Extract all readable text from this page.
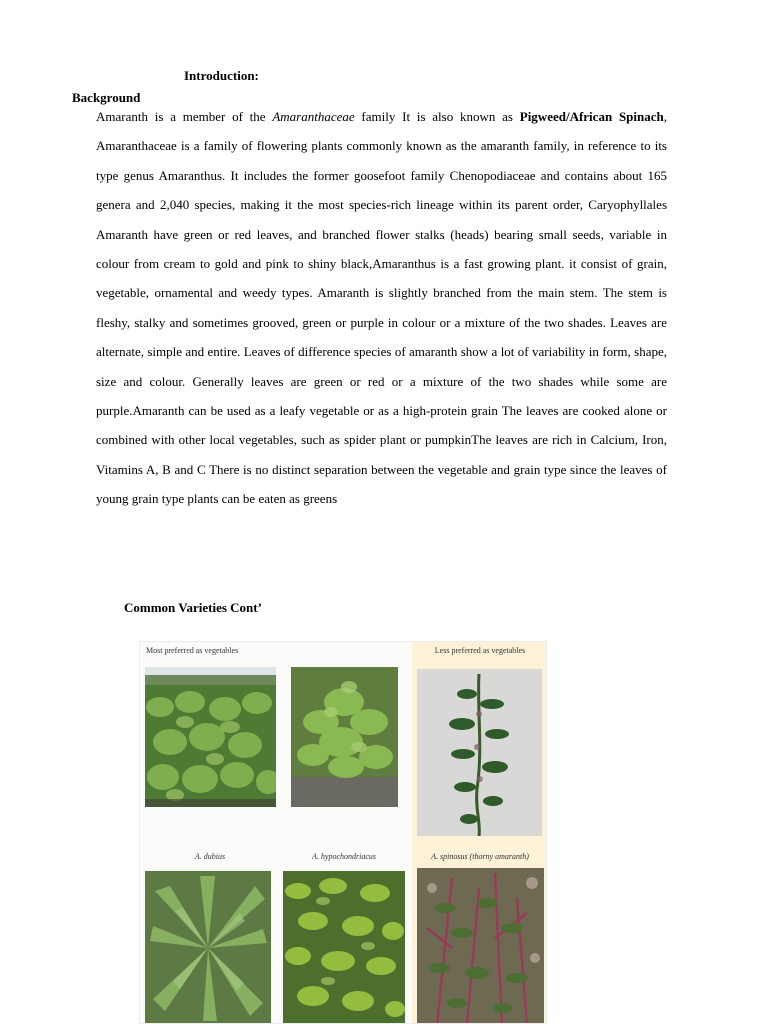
Introduction:
Background

Amaranth is a member of the Amaranthaceae family It is also known as Pigweed/African Spinach, Amaranthaceae is a family of flowering plants commonly known as the amaranth family, in reference to its type genus Amaranthus. It includes the former goosefoot family Chenopodiaceae and contains about 165 genera and 2,040 species, making it the most species-rich lineage within its parent order, Caryophyllales Amaranth have green or red leaves, and branched flower stalks (heads) bearing small seeds, variable in colour from cream to gold and pink to shiny black,Amaranthus is a fast growing plant. it consist of grain, vegetable, ornamental and weedy types. Amaranth is slightly branched from the main stem. The stem is fleshy, stalky and sometimes grooved, green or purple in colour or a mixture of the two shades. Leaves are alternate, simple and entire. Leaves of difference species of amaranth show a lot of variability in form, shape, size and colour. Generally leaves are green or red or a mixture of the two shades while some are purple.Amaranth can be used as a leafy vegetable or as a high-protein grain The leaves are cooked alone or combined with other local vegetables, such as spider plant or pumpkinThe leaves are rich in Calcium, Iron, Vitamins A, B and C There is no distinct separation between the vegetable and grain type since the leaves of young grain type plants can be eaten as greens

Common Varieties Cont’
Most preferred as vegetables	Less preferred as vegetables
A. dubius	A. hypochondriacus	A. spinosus (thorny amaranth)
